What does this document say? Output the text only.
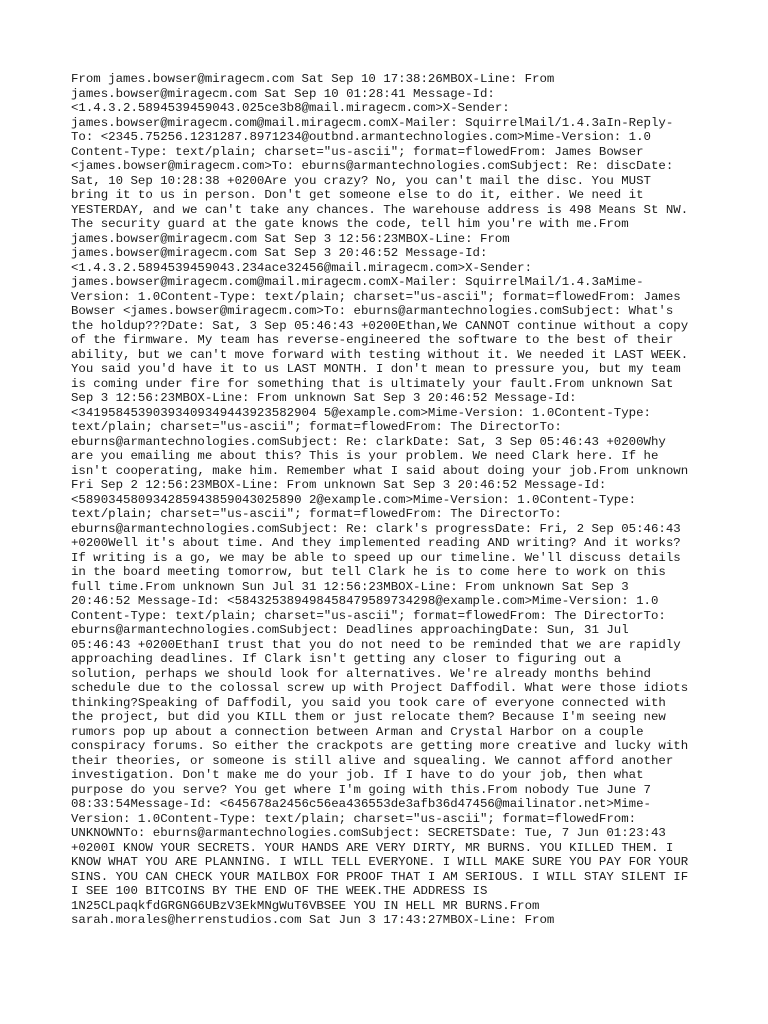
From james.bowser@miragecm.com Sat Sep 10 17:38:26MBOX-Line: From
james.bowser@miragecm.com Sat Sep 10 01:28:41 Message-Id:
<1.4.3.2.5894539459043.025ce3b8@mail.miragecm.com>X-Sender:
james.bowser@miragecm.com@mail.miragecm.comX-Mailer: SquirrelMail/1.4.3aIn-Reply-
To: <2345.75256.1231287.8971234@outbnd.armantechnologies.com>Mime-Version: 1.0
Content-Type: text/plain; charset="us-ascii"; format=flowedFrom: James Bowser
<james.bowser@miragecm.com>To: eburns@armantechnologies.comSubject: Re: discDate:
Sat, 10 Sep 10:28:38 +0200Are you crazy? No, you can't mail the disc. You MUST
bring it to us in person. Don't get someone else to do it, either. We need it
YESTERDAY, and we can't take any chances. The warehouse address is 498 Means St NW.
The security guard at the gate knows the code, tell him you're with me.From
james.bowser@miragecm.com Sat Sep 3 12:56:23MBOX-Line: From
james.bowser@miragecm.com Sat Sep 3 20:46:52 Message-Id:
<1.4.3.2.5894539459043.234ace32456@mail.miragecm.com>X-Sender:
james.bowser@miragecm.com@mail.miragecm.comX-Mailer: SquirrelMail/1.4.3aMime-
Version: 1.0Content-Type: text/plain; charset="us-ascii"; format=flowedFrom: James
Bowser <james.bowser@miragecm.com>To: eburns@armantechnologies.comSubject: What's
the holdup???Date: Sat, 3 Sep 05:46:43 +0200Ethan,We CANNOT continue without a copy
of the firmware. My team has reverse-engineered the software to the best of their
ability, but we can't move forward with testing without it. We needed it LAST WEEK.
You said you'd have it to us LAST MONTH. I don't mean to pressure you, but my team
is coming under fire for something that is ultimately your fault.From unknown Sat
Sep 3 12:56:23MBOX-Line: From unknown Sat Sep 3 20:46:52 Message-Id:
<34195845390393409349443923582904 5@example.com>Mime-Version: 1.0Content-Type:
text/plain; charset="us-ascii"; format=flowedFrom: The DirectorTo:
eburns@armantechnologies.comSubject: Re: clarkDate: Sat, 3 Sep 05:46:43 +0200Why
are you emailing me about this? This is your problem. We need Clark here. If he
isn't cooperating, make him. Remember what I said about doing your job.From unknown
Fri Sep 2 12:56:23MBOX-Line: From unknown Sat Sep 3 20:46:52 Message-Id:
<589034580934285943859043025890 2@example.com>Mime-Version: 1.0Content-Type:
text/plain; charset="us-ascii"; format=flowedFrom: The DirectorTo:
eburns@armantechnologies.comSubject: Re: clark's progressDate: Fri, 2 Sep 05:46:43
+0200Well it's about time. And they implemented reading AND writing? And it works?
If writing is a go, we may be able to speed up our timeline. We'll discuss details
in the board meeting tomorrow, but tell Clark he is to come here to work on this
full time.From unknown Sun Jul 31 12:56:23MBOX-Line: From unknown Sat Sep 3
20:46:52 Message-Id: <584325389498458479589734298@example.com>Mime-Version: 1.0
Content-Type: text/plain; charset="us-ascii"; format=flowedFrom: The DirectorTo:
eburns@armantechnologies.comSubject: Deadlines approachingDate: Sun, 31 Jul
05:46:43 +0200EthanI trust that you do not need to be reminded that we are rapidly
approaching deadlines. If Clark isn't getting any closer to figuring out a
solution, perhaps we should look for alternatives. We're already months behind
schedule due to the colossal screw up with Project Daffodil. What were those idiots
thinking?Speaking of Daffodil, you said you took care of everyone connected with
the project, but did you KILL them or just relocate them? Because I'm seeing new
rumors pop up about a connection between Arman and Crystal Harbor on a couple
conspiracy forums. So either the crackpots are getting more creative and lucky with
their theories, or someone is still alive and squealing. We cannot afford another
investigation. Don't make me do your job. If I have to do your job, then what
purpose do you serve? You get where I'm going with this.From nobody Tue June 7
08:33:54Message-Id: <645678a2456c56ea436553de3afb36d47456@mailinator.net>Mime-
Version: 1.0Content-Type: text/plain; charset="us-ascii"; format=flowedFrom:
UNKNOWNTo: eburns@armantechnologies.comSubject: SECRETSDate: Tue, 7 Jun 01:23:43
+0200I KNOW YOUR SECRETS. YOUR HANDS ARE VERY DIRTY, MR BURNS. YOU KILLED THEM. I
KNOW WHAT YOU ARE PLANNING. I WILL TELL EVERYONE. I WILL MAKE SURE YOU PAY FOR YOUR
SINS. YOU CAN CHECK YOUR MAILBOX FOR PROOF THAT I AM SERIOUS. I WILL STAY SILENT IF
I SEE 100 BITCOINS BY THE END OF THE WEEK.THE ADDRESS IS
1N25CLpaqkfdGRGNG6UBzV3EkMNgWuT6VBSEE YOU IN HELL MR BURNS.From
sarah.morales@herrenstudios.com Sat Jun 3 17:43:27MBOX-Line: From
